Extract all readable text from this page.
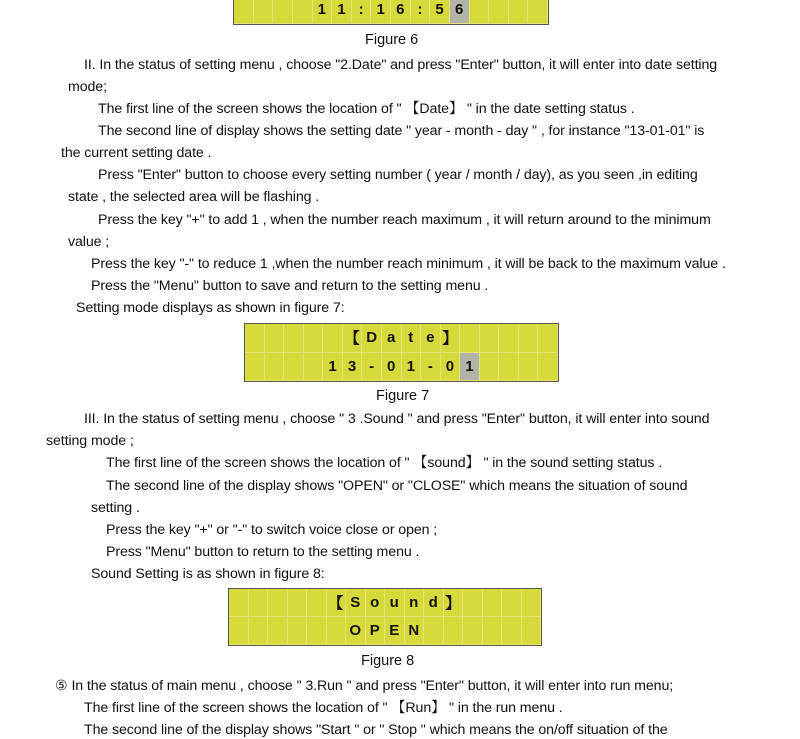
1 1 : 1 6 : 5 6
Figure 6
II. In the status of setting menu , choose "2.Date" and press "Enter" button, it will enter into date setting
mode;
The first line of the screen shows the location of " 【Date】 " in the date setting status .
The second line of display shows the setting date " year - month - day " , for instance "13-01-01" is
the current setting date .
Press "Enter" button to choose every setting number ( year / month / day), as you seen ,in editing
state , the selected area will be flashing .
Press the key "+" to add 1 , when the number reach maximum , it will return around to the minimum
value ;
Press the key "-" to reduce 1 ,when the number reach minimum , it will be back to the maximum value .
Press the "Menu" button to save and return to the setting menu .
Setting mode displays as shown in figure 7:
【 D a t e 】
1 3 - 0 1 - 0 1
Figure 7
III. In the status of setting menu , choose " 3 .Sound " and press "Enter" button, it will enter into sound
setting mode ;
The first line of the screen shows the location of " 【sound】 " in the sound setting status .
The second line of the display shows "OPEN" or "CLOSE" which means the situation of sound
setting .
Press the key "+" or "-" to switch voice close or open ;
Press "Menu" button to return to the setting menu .
Sound Setting is as shown in figure 8:
【 S o u n d 】
O P E N
Figure 8
⑤ In the status of main menu , choose " 3.Run " and press "Enter" button, it will enter into run menu;
The first line of the screen shows the location of " 【Run】 " in the run menu .
The second line of the display shows "Start " or " Stop " which means the on/off situation of the
